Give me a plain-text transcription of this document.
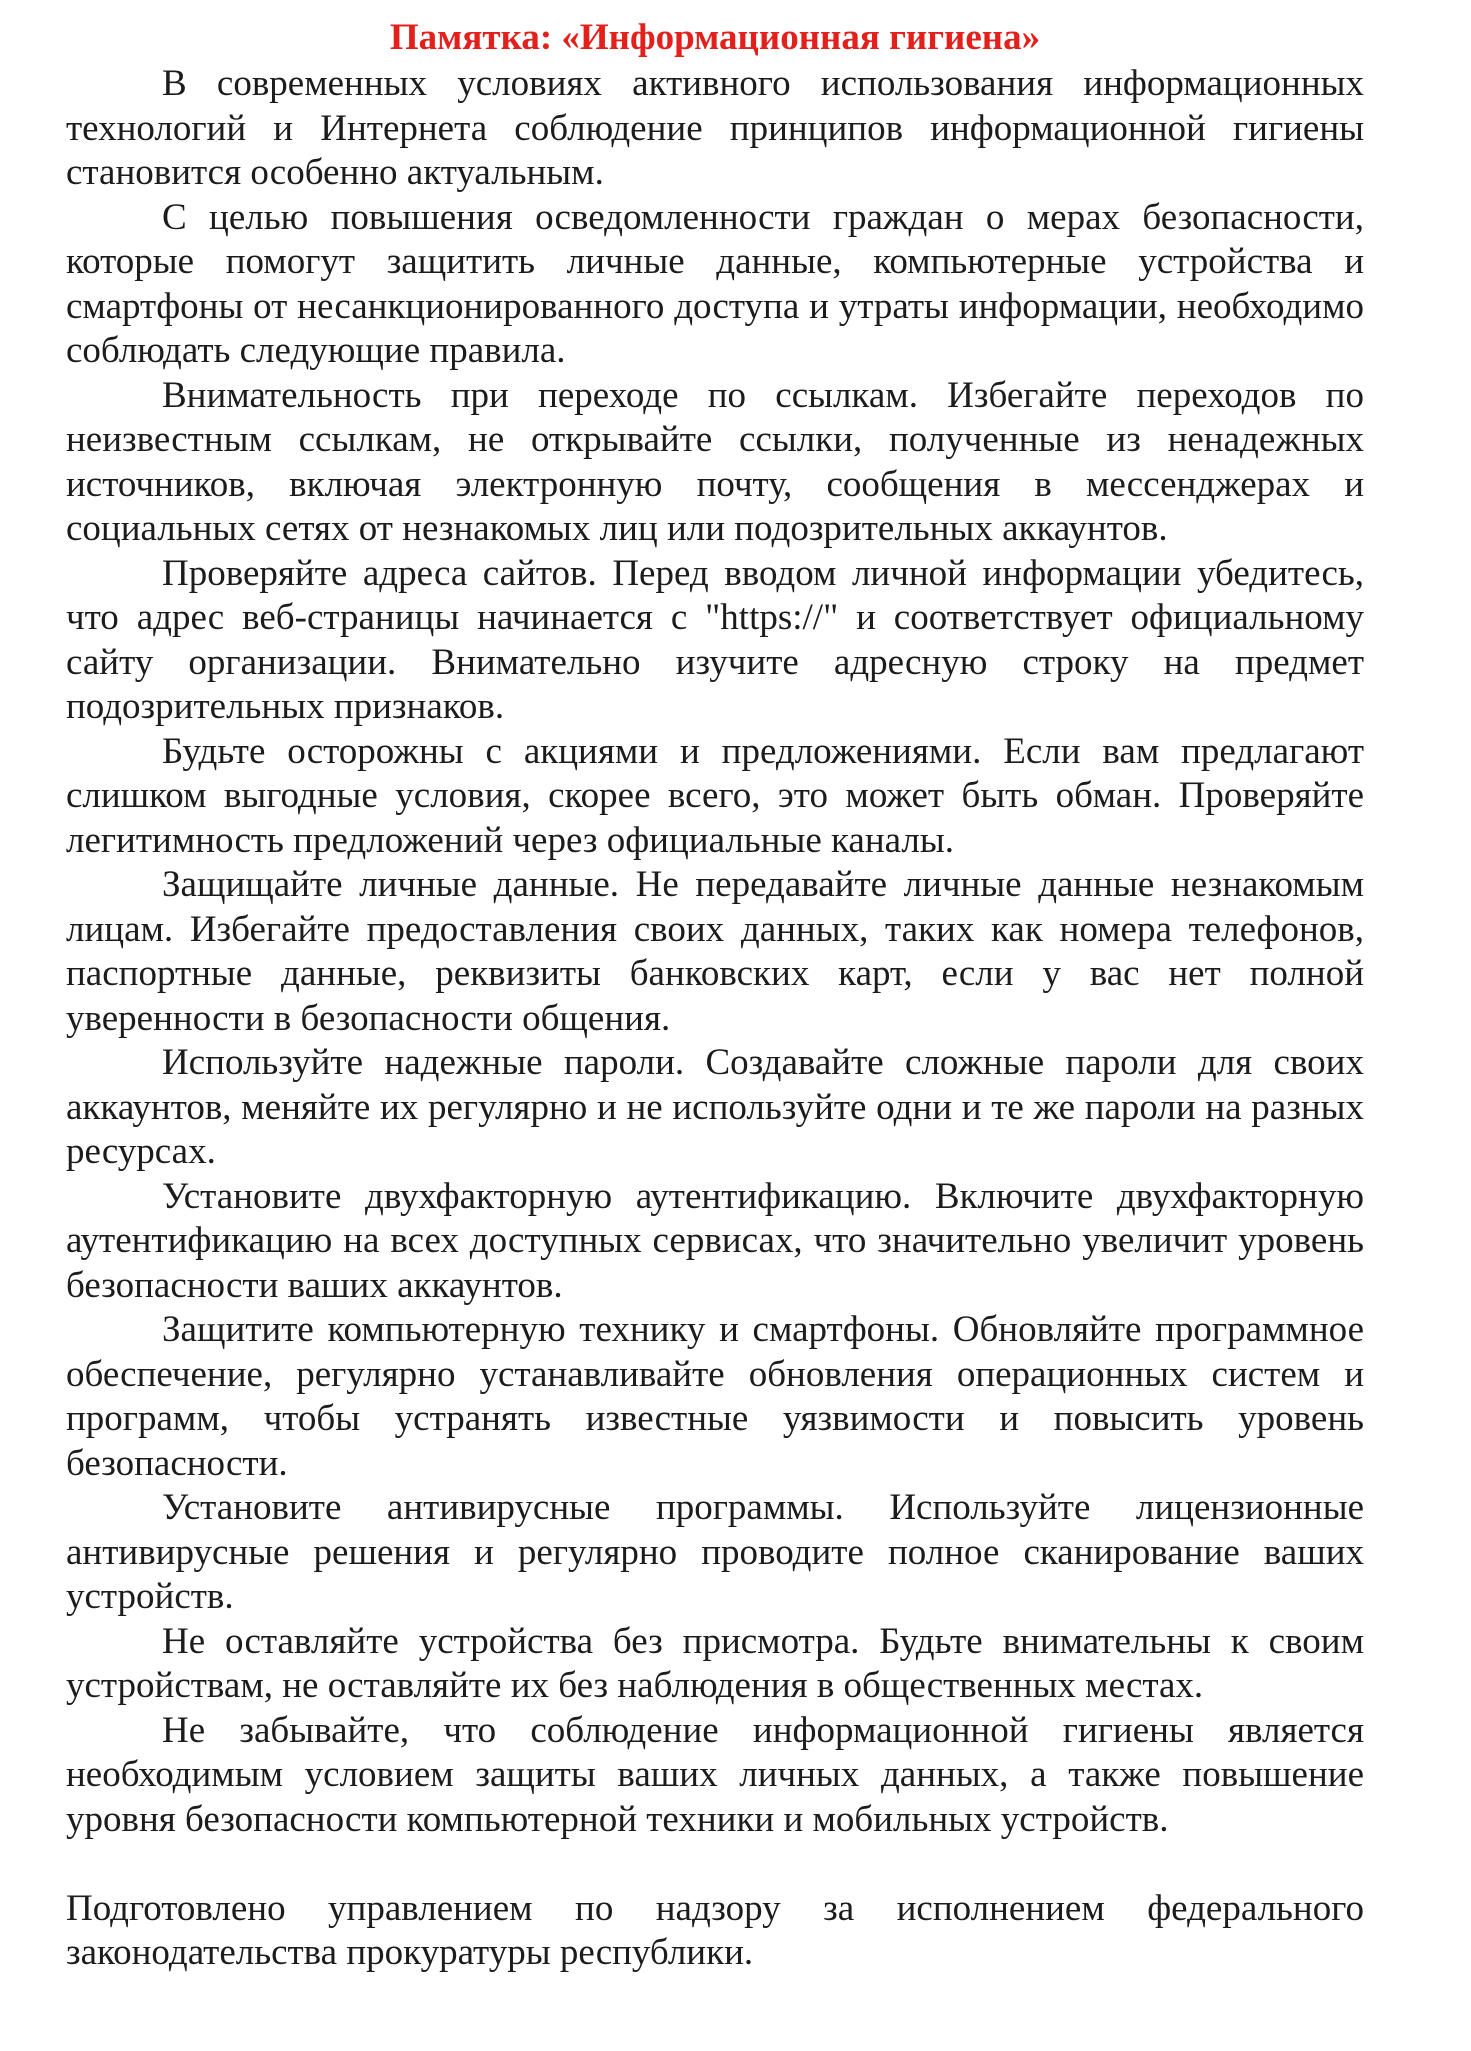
Памятка: «Информационная гигиена»

В современных условиях активного использования информационных технологий и Интернета соблюдение принципов информационной гигиены становится особенно актуальным.

С целью повышения осведомленности граждан о мерах безопасности, которые помогут защитить личные данные, компьютерные устройства и смартфоны от несанкционированного доступа и утраты информации, необходимо соблюдать следующие правила.

Внимательность при переходе по ссылкам. Избегайте переходов по неизвестным ссылкам, не открывайте ссылки, полученные из ненадежных источников, включая электронную почту, сообщения в мессенджерах и социальных сетях от незнакомых лиц или подозрительных аккаунтов.

Проверяйте адреса сайтов. Перед вводом личной информации убедитесь, что адрес веб-страницы начинается с "https://" и соответствует официальному сайту организации. Внимательно изучите адресную строку на предмет подозрительных признаков.

Будьте осторожны с акциями и предложениями. Если вам предлагают слишком выгодные условия, скорее всего, это может быть обман. Проверяйте легитимность предложений через официальные каналы.

Защищайте личные данные. Не передавайте личные данные незнакомым лицам. Избегайте предоставления своих данных, таких как номера телефонов, паспортные данные, реквизиты банковских карт, если у вас нет полной уверенности в безопасности общения.

Используйте надежные пароли. Создавайте сложные пароли для своих аккаунтов, меняйте их регулярно и не используйте одни и те же пароли на разных ресурсах.

Установите двухфакторную аутентификацию. Включите двухфакторную аутентификацию на всех доступных сервисах, что значительно увеличит уровень безопасности ваших аккаунтов.

Защитите компьютерную технику и смартфоны. Обновляйте программное обеспечение, регулярно устанавливайте обновления операционных систем и программ, чтобы устранять известные уязвимости и повысить уровень безопасности.

Установите антивирусные программы. Используйте лицензионные антивирусные решения и регулярно проводите полное сканирование ваших устройств.

Не оставляйте устройства без присмотра. Будьте внимательны к своим устройствам, не оставляйте их без наблюдения в общественных местах.

Не забывайте, что соблюдение информационной гигиены является необходимым условием защиты ваших личных данных, а также повышение уровня безопасности компьютерной техники и мобильных устройств.

Подготовлено управлением по надзору за исполнением федерального законодательства прокуратуры республики.
